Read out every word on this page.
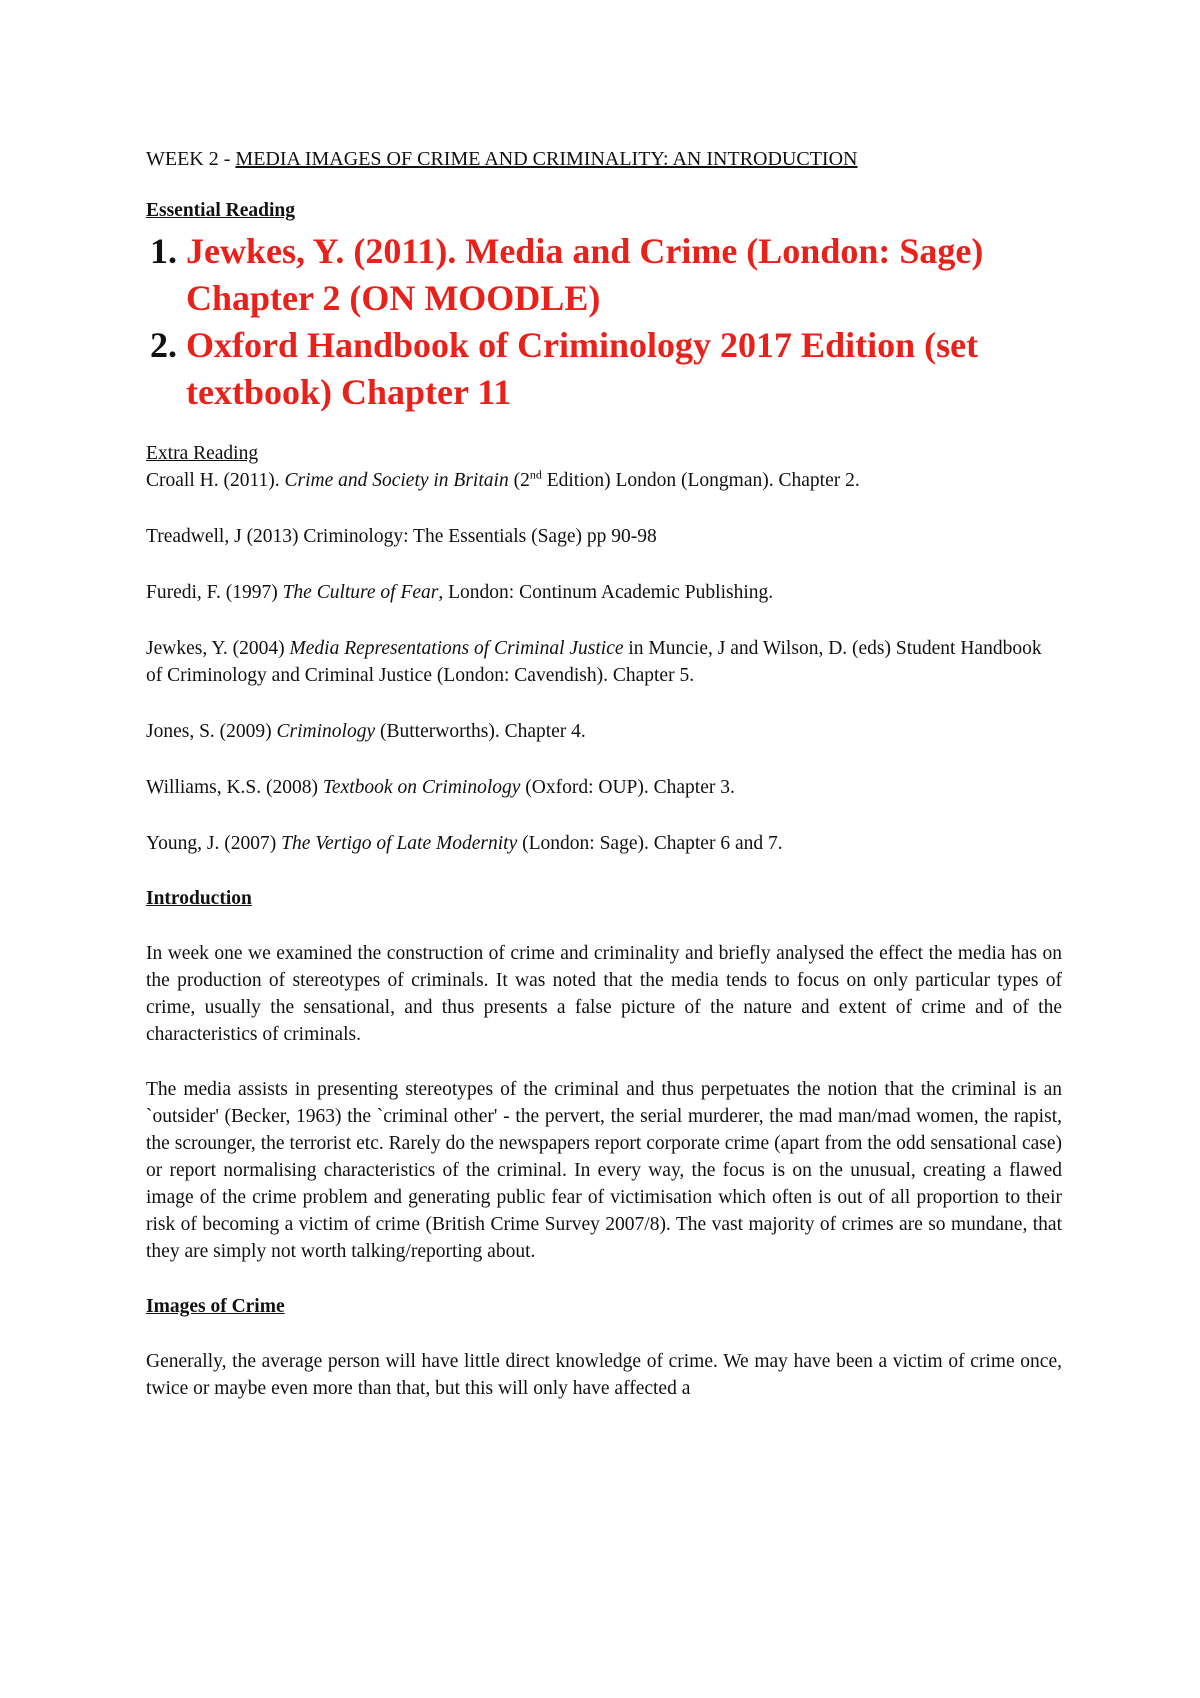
WEEK 2 - MEDIA IMAGES OF CRIME AND CRIMINALITY: AN INTRODUCTION

Essential Reading

1. Jewkes, Y. (2011). Media and Crime (London: Sage) Chapter 2 (ON MOODLE)
2. Oxford Handbook of Criminology 2017 Edition (set textbook) Chapter 11

Extra Reading

Croall H. (2011). Crime and Society in Britain (2nd Edition) London (Longman). Chapter 2.

Treadwell, J (2013) Criminology: The Essentials (Sage) pp 90-98

Furedi, F. (1997) The Culture of Fear, London: Continum Academic Publishing.

Jewkes, Y. (2004) Media Representations of Criminal Justice in Muncie, J and Wilson, D. (eds) Student Handbook of Criminology and Criminal Justice (London: Cavendish). Chapter 5.

Jones, S. (2009) Criminology (Butterworths). Chapter 4.

Williams, K.S. (2008) Textbook on Criminology (Oxford: OUP). Chapter 3.

Young, J. (2007) The Vertigo of Late Modernity (London: Sage). Chapter 6 and 7.

Introduction

In week one we examined the construction of crime and criminality and briefly analysed the effect the media has on the production of stereotypes of criminals. It was noted that the media tends to focus on only particular types of crime, usually the sensational, and thus presents a false picture of the nature and extent of crime and of the characteristics of criminals.

The media assists in presenting stereotypes of the criminal and thus perpetuates the notion that the criminal is an `outsider' (Becker, 1963) the `criminal other' - the pervert, the serial murderer, the mad man/mad women, the rapist, the scrounger, the terrorist etc. Rarely do the newspapers report corporate crime (apart from the odd sensational case) or report normalising characteristics of the criminal. In every way, the focus is on the unusual, creating a flawed image of the crime problem and generating public fear of victimisation which often is out of all proportion to their risk of becoming a victim of crime (British Crime Survey 2007/8). The vast majority of crimes are so mundane, that they are simply not worth talking/reporting about.

Images of Crime

Generally, the average person will have little direct knowledge of crime. We may have been a victim of crime once, twice or maybe even more than that, but this will only have affected a
